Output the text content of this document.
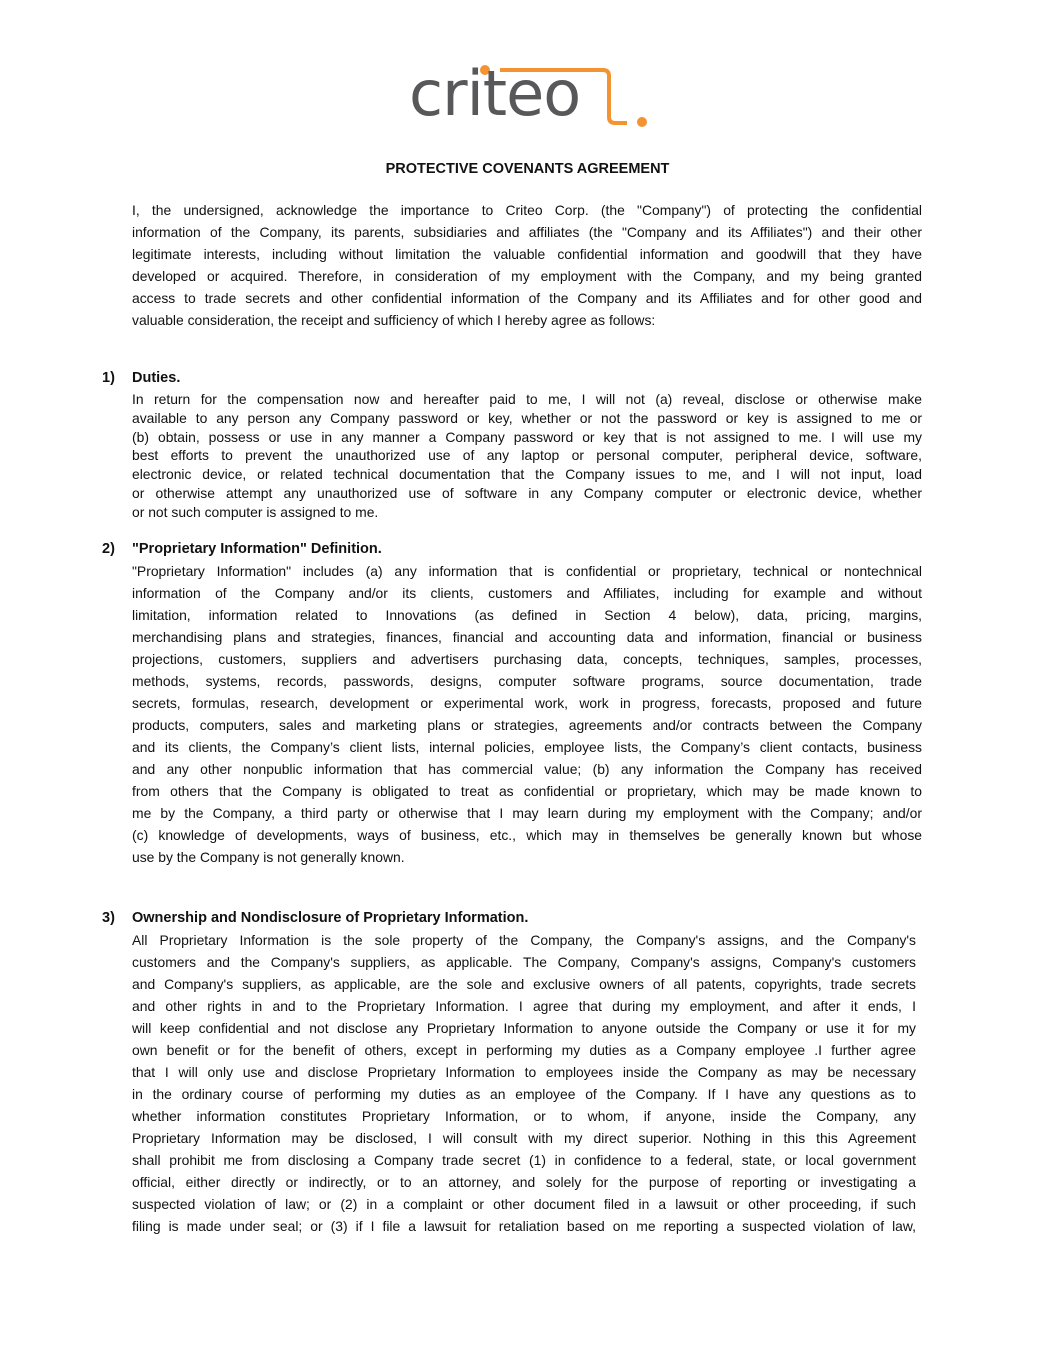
criteo
PROTECTIVE COVENANTS AGREEMENT
I, the undersigned, acknowledge the importance to Criteo Corp. (the "Company") of protecting the confidential
information of the Company, its parents, subsidiaries and affiliates (the "Company and its Affiliates") and their other
legitimate interests, including without limitation the valuable confidential information and goodwill that they have
developed or acquired. Therefore, in consideration of my employment with the Company, and my being granted
access to trade secrets and other confidential information of the Company and its Affiliates and for other good and
valuable consideration, the receipt and sufficiency of which I hereby agree as follows:
1) Duties.
In return for the compensation now and hereafter paid to me, I will not (a) reveal, disclose or otherwise make
available to any person any Company password or key, whether or not the password or key is assigned to me or
(b) obtain, possess or use in any manner a Company password or key that is not assigned to me. I will use my
best efforts to prevent the unauthorized use of any laptop or personal computer, peripheral device, software,
electronic device, or related technical documentation that the Company issues to me, and I will not input, load
or otherwise attempt any unauthorized use of software in any Company computer or electronic device, whether
or not such computer is assigned to me.
2) "Proprietary Information" Definition.
"Proprietary Information" includes (a) any information that is confidential or proprietary, technical or nontechnical
information of the Company and/or its clients, customers and Affiliates, including for example and without
limitation, information related to Innovations (as defined in Section 4 below), data, pricing, margins,
merchandising plans and strategies, finances, financial and accounting data and information, financial or business
projections, customers, suppliers and advertisers purchasing data, concepts, techniques, samples, processes,
methods, systems, records, passwords, designs, computer software programs, source documentation, trade
secrets, formulas, research, development or experimental work, work in progress, forecasts, proposed and future
products, computers, sales and marketing plans or strategies, agreements and/or contracts between the Company
and its clients, the Company’s client lists, internal policies, employee lists, the Company’s client contacts, business
and any other nonpublic information that has commercial value; (b) any information the Company has received
from others that the Company is obligated to treat as confidential or proprietary, which may be made known to
me by the Company, a third party or otherwise that I may learn during my employment with the Company; and/or
(c) knowledge of developments, ways of business, etc., which may in themselves be generally known but whose
use by the Company is not generally known.
3) Ownership and Nondisclosure of Proprietary Information.
All Proprietary Information is the sole property of the Company, the Company's assigns, and the Company's
customers and the Company's suppliers, as applicable. The Company, Company's assigns, Company's customers
and Company's suppliers, as applicable, are the sole and exclusive owners of all patents, copyrights, trade secrets
and other rights in and to the Proprietary Information. I agree that during my employment, and after it ends, I
will keep confidential and not disclose any Proprietary Information to anyone outside the Company or use it for my
own benefit or for the benefit of others, except in performing my duties as a Company employee .I further agree
that I will only use and disclose Proprietary Information to employees inside the Company as may be necessary
in the ordinary course of performing my duties as an employee of the Company. If I have any questions as to
whether information constitutes Proprietary Information, or to whom, if anyone, inside the Company, any
Proprietary Information may be disclosed, I will consult with my direct superior. Nothing in this this Agreement
shall prohibit me from disclosing a Company trade secret (1) in confidence to a federal, state, or local government
official, either directly or indirectly, or to an attorney, and solely for the purpose of reporting or investigating a
suspected violation of law; or (2) in a complaint or other document filed in a lawsuit or other proceeding, if such
filing is made under seal; or (3) if I file a lawsuit for retaliation based on me reporting a suspected violation of law,
